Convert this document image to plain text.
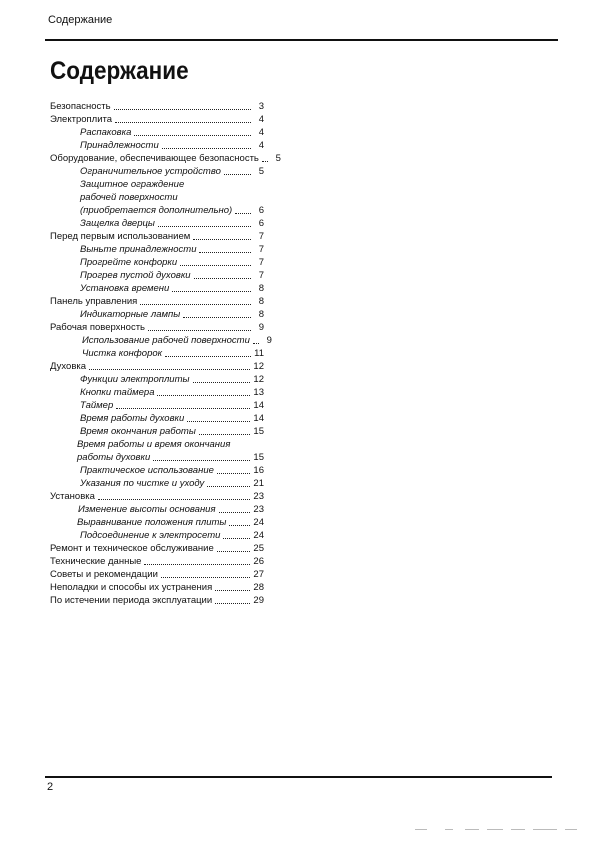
Содержание
Содержание
Безопасность	3
Электроплита	4
Распаковка	4
Принадлежности	4
Оборудование, обеспечивающее безопасность	5
Ограничительное устройство	5
Защитное ограждение
рабочей поверхности
(приобретается дополнительно)	6
Защелка дверцы	6
Перед первым использованием	7
Выньте принадлежности	7
Прогрейте конфорки	7
Прогрев пустой духовки	7
Установка времени	8
Панель управления	8
Индикаторные лампы	8
Рабочая поверхность	9
Использование рабочей поверхности	9
Чистка конфорок	11
Духовка	12
Функции электроплиты	12
Кнопки таймера	13
Таймер	14
Время работы духовки	14
Время окончания работы	15
Время работы и время окончания
работы духовки	15
Практическое использование	16
Указания по чистке и уходу	21
Установка	23
Изменение высоты основания	23
Выравнивание положения плиты	24
Подсоединение к электросети	24
Ремонт и техническое обслуживание	25
Технические данные	26
Советы и рекомендации	27
Неполадки и способы их устранения	28
По истечении периода эксплуатации	29
2
